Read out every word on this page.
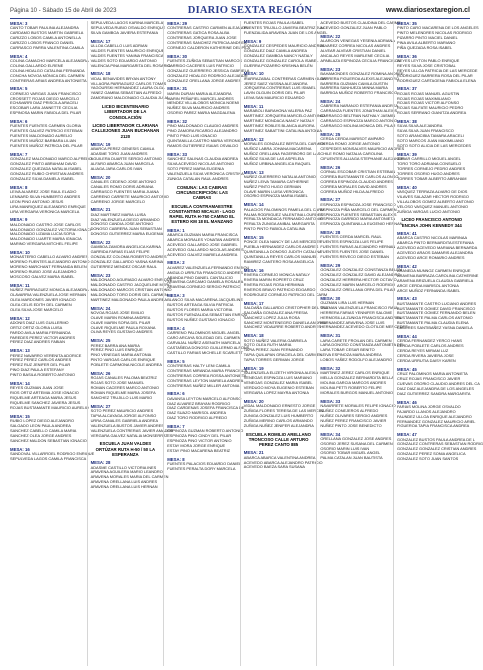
Página 10 - Sábado 15 de Abril de 2023	DIARIO SEXTA REGIÓN	www.diariosextaregion.cl
MESA: 3
CANTO TOBAR PAULINA ALEJANDRA
CARDAMO BUSTOS MARTIN GABRIELA
CARIZZO LOBOS CAMILA ANTONELLA
CARIZZO LOBOS FRANCO DANIEL
CARRASCO PARRA VALENTINA CAMILA
MESA: 4
COLINA CAMACHO MARCELA ALEJANDRA
COLINA GALLARDO ELRENE
COLINA HIDALGO CATALINA FERNANDA
CONCHA NOVOA MÓNICA DEL CARMEN
CONTRERAS ARIAS ANDREA ANTONIETA
MESA: 5
CORNEJO VARGAS JUAN FRANCISCO
CROSSETT ROJAS DIEGO MARCELO
ECHAVARRI DIAZ PRISCILA ARACELI
ESCOBAR LARA JANNETTE CECILIA
ESPINOSA MARIN FABIOLA DEL PILAR
MESA: 6
FUENTES FUENTES CARMEN GLORIA
FUENTES GALVEZ PATRICIO ESTEBAN
FUENTES MALDONADO AURELIO
FUENTES MUÑOZ BARBARA LILIAN
FUENTES MUÑOZ PATRICIA DEL PILAR
MESA: 7
GONZALEZ MALDONADO MARCO ALFREDO
GONZALEZ PINTO ABRAHAM DAVID
GONZALEZ QUEZADA NATALIA ISABEL
GONZALEZ RUBIO CHRISTIAN ANDRES
GONZALEZ SILVA DANIELA ISABEL
MESA: 8
LEIVA ALVAREZ JOSE RAUL ELADIO
LENNARD SILVA HUMBERTO ANDRES
LEON PINO ANTONIO JESUS
LIRA MANRIQUEZ ALEJANDRO ENRIQUE
LIRA VERGARA VERONICA MARCELA
MESA: 9
MALDONADO CASTRO JOSE CARLOS
MALDONADO GONZALEZ VICTORIA IGNACI
MALDONADO LIZAMA LUCIA SOFIA
MALDONADO LUARTE MARIA IGNACIA
MARINO VERGARA MITCHEL FELIPE
MESA: 10
MONASTERIO CABELLO ALVARO ANDRES
MORENO FUENTES ALEJANDRO ANTONIO
MORENO MARCHANT FERNANDA BELEN
MORENO RUBIO JOSE ALEJANDRO
MOSCOSO GALVEZ MARIA ISABEL
MESA: 11
NUÑEZ PARRAGUEZ MONICA ALEJANDRA
OLAVARRIA VALENZUELA JOSE HERNAN
OLEA MARDONES JAVIER IGNACIO
OLEA CELIS EDITH DEL CARMEN
OLEA SILVA JOSE MARCELO
MESA: 12
ADONIS DIAZ LUIS GUILLERMO
ORTIZ ORTIZ GLORIA LUISA
PARDO AVILA MARIA FERNANDA
PAREDES PEREZ VICTOR ANDRES
PEREZ DIAZ ANDRES FABIAN
MESA: 13
PEREZ NAVARRO VERENITA ADORICE
PEREZ PEREZ CARLOS ANDRES
PEREZ RUZ JENIFER DEL PILAR
PINO DIAZ PAULA ESTEFANY
PINTO BASILA ROBERTO ANTONIO
MESA: 14
REYES GUZMAN JUAN JOSE
RIOS ORTIZ ARTEMIA JOSE IGNACIO
RIQUELME ARTEAGA MARIA JESUS
RIQUELME SANCHEZ JAVIERA JESUS
ROJAS BUSTAMANTE MAURICIO AURELIO
MESA: 15
RUBIO LOPEZ DIEGO ALEJANDRO
SALGADO LEON PAULA ANDREA
SANCHEZ CABELLO CAMILA MARIA
SANCHEZ OLEA JORGE ANDRES
SANCHEZ MALDON SEBASTIAN IGNACIO
MESA: 16
SANDOVAL VILLARROEL RODRIGO ENRIQUE
SEPULVEDA LAGOS CAMILA FRANCISCA
SEPULVEDA LAGOS KARINA MARCELA
SEPULVEDA RUBIO OSVALDO ENRIQUE
SILVA GAMBOA JAVIERA ESTEFANIA
MESA: 17
ULLOA CABELLO LUIS ADRIAN
VALDES FUENTES MAURICIO ENRIQUE
VALDES FUENTES YANINA FRANCISCA
VALDES SOTO EDUARDO ANTONIO
VALENCIA PINA MARGARITA DEL ROSARIO
MESA: 18
VIDAL BENAVIDES BRYAN ANTONY
VILLAGRA PARRAGUEZ CARLOS TOMAS
YAGOURSKI HERNANDEZ LAURA OLGA
YANEZ GAMBIA SEBASTIAN ALFREDO
ZAMORANO MALDONADO CLAUDIA JULIA
LICEO BICENTENARIO LIBERTADOR DE LA CONSOLACIÓN
LICEO LIBERTADOR CLARIANA CALLEJONES JUAN BUCHANAN 2120
MESA: 19
ABARCA PEREZ GENESIS CAMILA
ADASME TORO JUAN ANDRES
AGUILERA DUARTE SERGIO ANTONIO
ALFARO ABARCA JUAN MARCELA
ALIAGA JARA CARLOS IVAN
MESA: 20
CANALES CEDENO JOSE ANTONIO
CANALES ROMO DORIS ADRIANA
CARRASCO FUENTES MARIA JUANA
CARRENO CARRETE MAURICIO ANTONIO
CARRENO JORGE MARCELO
MESA: 21
DIAZ MARTINEZ MARIA LUISA
DIAZ VALENZUELA DIEGO ARMANDO
DONOSO CANDIA JOSE ANTONIO
DONOSO CABRERA JUAN SEBASTIAN
DONOSO GUTIERREZ MARIA EUGENIA
MESA: 22
GAMBOA ZAMORA ANGELICA KARINA
GARRIDA FARIAS ELIAS FELIPE
GONZALEZ COLOMA ROBERTO ANDRES
GONZALEZ GALLARDO YASNA KARINA
GUTIERREZ MENDEZ OSCAR RAUL
MESA: 23
MALDONADO AGURIADO ALVARO ENRIQUE
MALDONADO CASTRO JACQUELINE MERC
MALDONADO MARCOS CRISTIAN ANTONIO
MALDONADO TORO DORIS DEL CARMEN
MARTINEZ MALDONADO PAULA ANDREA
MESA: 24
NOVOA ROJAS JOSE EMILIO
OLAVE MARIN ROMINA ANDREA
OLAVE MARIN SOFIA DEL PILAR
OLAVE RIQUELME PAULA ROXANA
OLIVA REYES GUSTAVO ANDRES
MESA: 25
PEREZ BARRA ANA MARIA
PEREZ PINO LUIS ENRIQUE
PINO VENEGAS MARIA ANTONIA
PINTO VARGAS CARLOS ENRIQUE
POBLETE CARMONA NICOLE ANDREA
MESA: 26
ROJAS CANALES PALOMA BEATRIZ
ROJAS SOTO JOSE MANUEL
ROMAN CACERES MARCO ANTONIO
ROMAN RIQUELME MARIA JOSEFA
SANCHEZ TRUJILLO LUIS MARIO
MESA: 27
SOTO PEREZ MAURICIO ANDRES
TAPIA ALCAYAGA JORGE ALFONSO
URRA CANALES GABRIELA ANDREA
VALENZUELA BUSTOS JAVIER ANDRES
VALENZUELA CONTRERAS JAVIER AMADOR
VERGARA GALVEZ NATALIA MONSERRAT
ESCUELA JUAN VALDES ORTÚZAR RUTA H-50 / 50 LA ESPERANZA
MESA: 28
ADASME CASTILLO VICTORIA INES
ARAVENA AGUILERA MARIO LEANDRO
ARAVENA MORALES MARIA DEL CARMEN
ARAVENA ORELLANA LUIS ANDRES
ARAVENA ORELLANA LUIS HERNAN
MESA: 29
CONTRERAS CASTRO CARMEN ALEJANDR
CONTRERAS GATICA ROSA ALBA
CONTRERAS JORQUERA JUAN JOSE
CONTRERAS SANCHEZ PATRICIA ANDREA
CORNEJO CALDERON KATHERINE DEL PILA
MESA: 30
FUENTES ZUÑIGA SEBASTIAN MARCOS
GARRIDO CACERES LUIS PATRICIO
GONZALEZ GUERRERO JESSICA GABRIELA
GONZALEZ HIDALGO RODRIGO ALEJANDR
GONZALEZ ORELLANA JORGE ANDRES
MESA: 31
MARIN DURAN MARIA ALEJANDRA
MARIN PEÑAFIEL MARCEL ANDRES
MENDEZ VILLALOBOS MONICA NOEMI
NUÑEZ SILVA MAURICIO ANDRES
OSORIO PAREZ MARIA MAGDALENA
MESA: 32
PINO MALDONADO CLAUDIO ANDRES
PINO ZAMORA RICARDO ALEJANDRO
PINTO PINO LUIS IGNACIO
QUINTANILLA CASTRO MARIA VERONICA
RAMOS GUTIERREZ ISAIAS OSVALDO
MESA: 33
SANCHEZ SALINAS CLAUDIA ANDREA
SILVA ACEVEDO NICOLAS ANTONIO
SOTO PEREZ MARIA EUGENIA
VALENZUELA SILVA VERONICA CRISTINA
ZUNIGA CATALAN RAUL ANDRES
COMUNA: LAS CABRAS CIRCUNSCRIPCIÓN: LAS CABRAS
ESCUELA CONTRAMAESTRE CONSTANTINO MICALVI - LAGO RAPEL RUTA H-750 CAMINO EL ESTERO KM 18 EL MANZANO
MESA: 1
ABARCA GUZMAN MARIA FRANCISCA
ABARCA MORALES YONATAN ANDRES
ACEVEDO GALLARDO JOSE GABRIEL
ACEVEDO GALLARDO NICOLAS ANDRES
ACEVEDO GALVEZ MARIELA ANDREA
MESA: 2
ALVAREZ VALENZUELA FERNANDO ENRIQU
ANGULO URRUTIA FRANCISCO ANDRES
ARANDA PINO DANIEL CANTALICIO
ARAVENA CARCAMO DANIELA ROSALBA
ARAVENA CORNEJO SERGIO PATRICIO
MESA: 3
BLANCO SILVA MACARENA JACQUELINE
BUSTOS ARTEAGA SILVIA PATRICIA
BUSTOS FLORES MARIA VICTORIA
BUSTOS FUENZALIDA SEBASTIAN ENRIQU
BUSTOS NUÑEZ GUSTAVO IGNACIO
MESA: 4
CARRENO PALOMINOS MIGUEL ANGEL
CARO ARCAYA SOLEDAD DEL CARMEN
CARVAJAL NUÑEZ ASENATH MARCELA
CASTAÑEDA DONOSO GUILLERMO ALFONS
CASTILLO FARIAS MICHELLE SCARLETT
MESA: 5
CONTRERAS HALTY LENI CAMILA
CONTRERAS MIRANDA MARIA FRANCISCA
CONTRERAS CORREA ROSSA ANTONIETA
CONTRERAS LEYTON MARIELA ANDREA
CONTRERAS NUÑEZ MILLER ANTONIA
MESA: 6
DAVANSA LEYTON MARCELO ALFONSO
DIAZ ALVAREZ BRAYAN RODRIGO
DIAZ CARDENAS JOSEFA FRANCISCA DE
DIAZ SUAZO MARISOL ANDREA
DIAZ TORO RODRIGO ALFREDO
MESA: 7
ESPINOZA GUZMAN ROBERTO ANTONIO
ESPINOZA PINO CINDY DEL PILAR
ESPINOZA PINO VICTOR ANTONIO
ESTAY MORA JORGE ENRIQUE
ESTAY PINO MACARENA BEATRIZ
MESA: 8
FUENTES PALACIOS EDUARDO DANIEL
FUENTES PERALTA DORY MARCELA
FUENTES ROJAS PAULA ISABEL
FUENTES TRUJILLO JAVIERA BEATRIZ JULI
FUENZALIDA ARAVENA JUAN DE LOS ANGEL
MESA: 9
GONZALEZ CESPEDES MAURICIO ANDRES
GONZALEZ DIAZ CAMILA ANDREA
GONZALEZ GAMBOA NANCY NATALY
GONZALEZ GONZALEZ CAROLA ISABEL
GUERRA POZARRO KRISHNA BELÉN
MESA: 10
IRARRAZABAL CONTRERAS CARMEN GLOR
JEREZ SAEZ YASSNA ALEJANDRA
JORQUERA CONTRERAS LUIS ISMAEL
LAVIN OLGUIN DORIS DEL PILAR
LEIVA SAN MAURICIO EDUARDO
MESA: 11
MARABOLI BARAHONA VALERIA PAZ
MARTINEZ JORQUERA MARCELO ANTONIO
MARTINEZ MONDACA NANCY NATALY
MARTINEZ ROBLES BLANCA AURORA
MARTINEZ SABATTINI CATALINA ANTONIA
MESA: 12
MORALES GONZALEZ BERTA DEL CARMEN
MUÑOZ LABRA JOHANA MACARENA
MUÑOZ ORELLANA FAGERBORG DE LAS
MUÑOZ SILVA DE LAS ASPELEIA
MUÑOZ URBINA ANGELICA RAQUEL
MESA: 13
NUÑEZ GUERRERO NATALIA ANTONIO
NUÑEZ LEIVA TAMARA CATHERINE
NUÑEZ PINTO HUGO GERMAN
OLAVE MARIN LUISA VERONICA
OSORIO ESPINOZA MARIA ISABEL
MESA: 14
PALACIOS PALOMINOS PAMELA DEL CARM
PALMA RODRIGUEZ VALENTINA LOURDES
PERALTA MONDACA FERNANDO ANTONIO
PERALTA ZUNIGA ANIBAL MARGARITA
PINTO PINTO FABIOLA CATALINA
MESA: 15
PONCE OLEA NANCY DE LAS MERCEDES
PUEBLA HERNANDEZ CARLOS ANDRES
QUINTANILLA DONOSO JUDITH CATALINA
QUINTANILLA REYES CARLOS MANUEL
RAMIREZ CANTERO ROSA ANGELICA
MESA: 16
RIVERA CORNEJO MONICA NATALY
RIVERA MARIN ROPERTO CRUZ
RIVERA ROJAS ROSA HERMINIA
RIVEROS BRAVO PATRICIO EDGARDO
RODRIGUEZ CORNEJO PATRICIO DEL CARM
MESA: 17
SALDAÑA GALLARDO CRISTOPHER DEL TRA
SALDAÑA GONZALEZ ANA FRESIA
SANCHEZ LOPEZ JULIA ROSA
SANCHEZ MONTENEGRO DANIELA ANDREA
SANCHEZ VIDAURRE ROBERTO ANDRES
MESA: 18
SOTO NUÑEZ VALERIA GABRIELA
SOTO OLEA RUTH MARIA
TAPIA PEREZ JUAN FERNANDO
TAPIA QUILAPAN GRACIELA DEL CARMEN
TAPIA TORRES GERMAN JORGE
MESA: 19
VALENZUELA ELIZETH VIRGINIA ALEXIA
VENEGAS ESPINOZA LUIS MARIANO
VENEGAS GONZALEZ MARIA ISABEL
VERDUGO MOYA EUGENIO ESTEBAN
VERGARA LOPEZ MAYRA ANTONIA
MESA: 20
VIDAL MALDONADO ERNESTO JORGE
ZUÑIGA FLORES TERESA DE LAS MERCED
ZUNIGA GONZALEZ LUIS HUMBERTO
ZUÑIGA MERINO CARLOS ARMANDO
ZUÑIGA NUÑEZ JENIFER ALEJANDRA
ESCUELA ROMILIO ARELLANO TRONCOSO CALLE ARTURO PEREZ CANTO 885
MESA: 21
ABARCA ABARCA VALENTINA ANDREA
ACEVEDO ABARCA ALEJANDRO PATRICIO
ACEVEDO BAEZA SARA SUSANA
ACEVEDO BUSTOS CLAUDINA DEL CARME
ACEVEDO GONZALEZ JUAN PABLO
MESA: 22
ALARCON VENEGAS YESENIA ADRIANA
ALVAREZ CORREA NICOLAS ANDRES
ALVEAR ALVEAR CRISTIAN DANIEL
ANCALAO REYES MARLENE CECILIA
APABLAZA ESPINOZA CECILIA FRANCISCA
MESA: 23
BAHAMONDES GONZALEZ ROMINA ANDREE
BARRERA FIGUEROA ALEXIS ALEJANDRO
BARRERA GUZMAN CAMILA DUSTIN
BARRERA SANHUEZA MINNA MARIA
BARRIGA MUÑOZ ROBERTO FRANCISCO
MESA: 24
CABRERA NARANJO ESTEFANIA ANDREA
CARRANZA FUENTES JONATHAN ALEXIS
CARRASCO BELTRAN NATHALY JASMIN
CARRASCO ESPINOZA MARCO ANTONIO
CARRASCO MOLINA MONICA DEL PILAR
MESA: 25
CERDA CERDA MARISOT AMPARO
CERDA ROMO JORGE ANTONIO
CESPEDES MONSALVES MAURICIO ANDRES
CHILE ROMO NATALIA CAROLINA
CIFUENTES ALLIAGA STEPHANIE ALEJANDR
MESA: 26
CORNAL ESCOBAR CRISTIAN ESTEBAN
CORREA BUSTAMANTE CARLOS ALONSO
CORREA ESPINOZA CLAUDIO ANDRES
CORREA MORALES DAVID ANDRES
CORREA MUÑOZ HILDA ALFREDO
MESA: 27
ESPINOZA ESPINOZA JOSE FRANCISCO
ESPINOZA PIÑA MARCELO DEL CARMEN
ESPINOZA FUENTES SEBASTIAN ALEXIS
ESPINOZA GARRIDO MARIA ANTONIETA
ESPINOZA QUINTANILLA EUGENIO HERNAN
MESA: 28
FUENTES CERDA MARCEL RAUL
FUENTES ESPINOZA LUIS FELIPE
FUENTES FARIAS ALEJANDRO HERNAN
FUENTES FUENTES JOSE DANIEL
FUENTES REVECO DIEGO ESTEBAN
MESA: 29
GONZALEZ GONZALEZ CONSTANZA BELEN
GONZALEZ GONZALEZ DAVID ALEJANDRO
GONZALEZ HERRERA HECTOR OCTAVIO
GONZALEZ MARIN MARCELO RODRIGO
GONZALEZ ORELLANA ORFA DEL PILAR
MESA: 30
GUZMAN LIRA LUIS HERNAN
GUZMAN VALENZUELA FRANCISCO RAUL
HERRERA FARIAS YENNIFER SALOME
HERMOSILLA ZUNIGA FRANCISCA ANDREA
HERNANDEZ ARAVENA JOSE LUIS
HERNANDEZ ACEVEDO CLOTILDE MERCEDES
MESA: 31
LARA CARETE FROILAN DEL CARMEN
LARA DONOSO CONSTANZA ANTONIETA DEL
LARA TOBAR CESAR BENITO
LEIVA ESPINOZA MARIA ANDREA
LOBOS YAÑEZ RODOLFO ALEJANDRO
MESA: 32
MARTINEZ JEREZ CARLOS ENRIQUE
MELLA GONZALEZ BERNARDITA BELLA
MOLINA GARCIA MARCOS ANDRES
MOLINA PETTI ROBERTO FELIPE
MORALES BURGOS MANUEL ANTONIO
MESA: 33
NAVARRETE MORALES FELIPE IGNACIO
NUÑEZ CONEJEROS ALFREDO
NUÑEZ OLIVARES SERGIO ANDRES
NUÑEZ PEREZ FRANCISCO JAVIER
NUÑEZ PINTO JOSE BENEDICTO
MESA: 34
ORELLANA GONZALEZ JOSE ANDRES
OSORIO JEREZ SUSANA DEL CARMEN
OSORIO MARIN LUIS IVAN
OSORIO TOBAR MIGUEL ANGEL
PALMA CATALAN JUAN BAUTISTA
MESA: 35
PINTO CARO MACARENA DE LOS ANGELES
PINTO MELENDRES NICOLAS RODRIGO
PIZARRO PINTO MACIEL DANIEL
PINA AVILA ALBERTO MARIANO
PIÑA QUEZADA ROSA ISABEL
MESA: 36
REYES LEYTON PABLO ENRIQUE
REYES SILVA JOSE CRISTOBAL
REYES ULLOA PATRICIA DE LAS MERCEDE
RODRIGUEZ BARRERA ROSA DEL PILAR
RODRIGUEZ CARTAGENA FABIOLA ELENA
MESA: 37
ROJAS ROJAS MANUEL AGUSTIN
ROJAS ROJAS MAXIMILIANO
ROJAS ROJAS VICTOR ALFONSO
ROJAS SALFATE MAURICIO PEDRO
ROJAS SERRANO GIANITZA ANDREA
MESA: 38
SILVA SILVA ALEJANDRA
SILVA SILVA JUAN FRANCISCO
SOTO ARANCIBIA TAMARA ARACELI
SOTO MARCOS JUAN MAXIMILIANO
SOTO SOTO ALICIA DE LAS MERCEDES
MESA: 39
TOBAR CARRILLO MIGUEL ANGEL
TORO TORO ADRIANA CONSUELO
TORRES CORNEJO PEDRO ANDRES
TORRES OSORIO HUGO ANDRES
TORRES TOBAR ALBERTO ABRAHAM
MESA: 40
VASQUEZ TERRAZA ALVARO DE DIOS
VILAVES SALAZAR HECTOR RODRIGO
VILLALOBOS GOMEZ ALBERTO ANTONIO
VELOSO VASQUEZ MANUEL ANTONIO
ZUÑIGA VARGAS LUCIO ANTONIO
LICEO FRANCISCO ANTONIO ENCINA JOHN KENNEDY 344
MESA: 41
ABARCA CASTRO NICOLAS MARINAA
ABARCA PINTO BERNARDITA ESTEFANIA
ACEVEDO ACEVEDO MARIANA BERNARDA
ACEVEDO ARAOS DAMARIS ALEJANDRA
ACEVEDO ARCE ROMARIO ANDRES
MESA: 42
ARANEDA MUNNOZ CARMEN ENRIQUE
ARAVENA BARRAZA CAROLINA CATHERINE
ARAVENA BRIZUELA CLAUDIA GABRIELA
ARCE CERDA MARISOL ANTONIA
ARCE MUÑOZ FERNANDA ISABEL
MESA: 43
BUSTAMANTE CASTRO LUCIANO ANDRES
BUSTAMANTE GOMEZ DAVID FRANCISCO
BUSTAMANTE GOMEZ FERNANDO BELEN
BUSTAMANTE PALMA CARLOS ANTONIO
BUSTAMANTE PALMA CLAUDIA ELENA
CACERES SANTIBAÑEZ YASNA DANIELA
MESA: 44
CERDA FERNANDEZ YERCO HANS
CERDA POBLETE CARLOS ANDRES
CERDA REYES MIRIAM LUZ
CERDA RIVERA JAVIERA JOSE
CERDA URRUTIA DAISY KAREN
MESA: 45
CRUZ PALOMINOS MARIA ANTONIETA
CRUZ ROJAS FRANCISCO JAVIER
CUEVAS OSORIO CLAUDIO ANDRES DEL CA
DIAZ DIAZ ALEJANDRA DE LOS ANGELES
DIAZ GUTIERREZ SANDRA MARGARITA
MESA: 46
FARIAS MOLINA JORGE OSVALDO
FAJARDO LLANOS ALEJANDRO
FAUNDEZ ULLOA ENRIQUE ALEJANDRO
FERNANDEZ GONZALEZ MAURICIO ARIEL
FIGUEROA TAPIA FRANCISCA ANDREA
MESA: 47
GONZALEZ BUSTOS PAULA ANDREA DE L
GONZALEZ CONTRERAS SEBASTIAN RODRIG
GONZALEZ GONZALEZ CRISTIAN ANDRES
GONZALEZ PEREZ SONIA ANGELICA
GONZALEZ SOTO JUAN SANTOS
